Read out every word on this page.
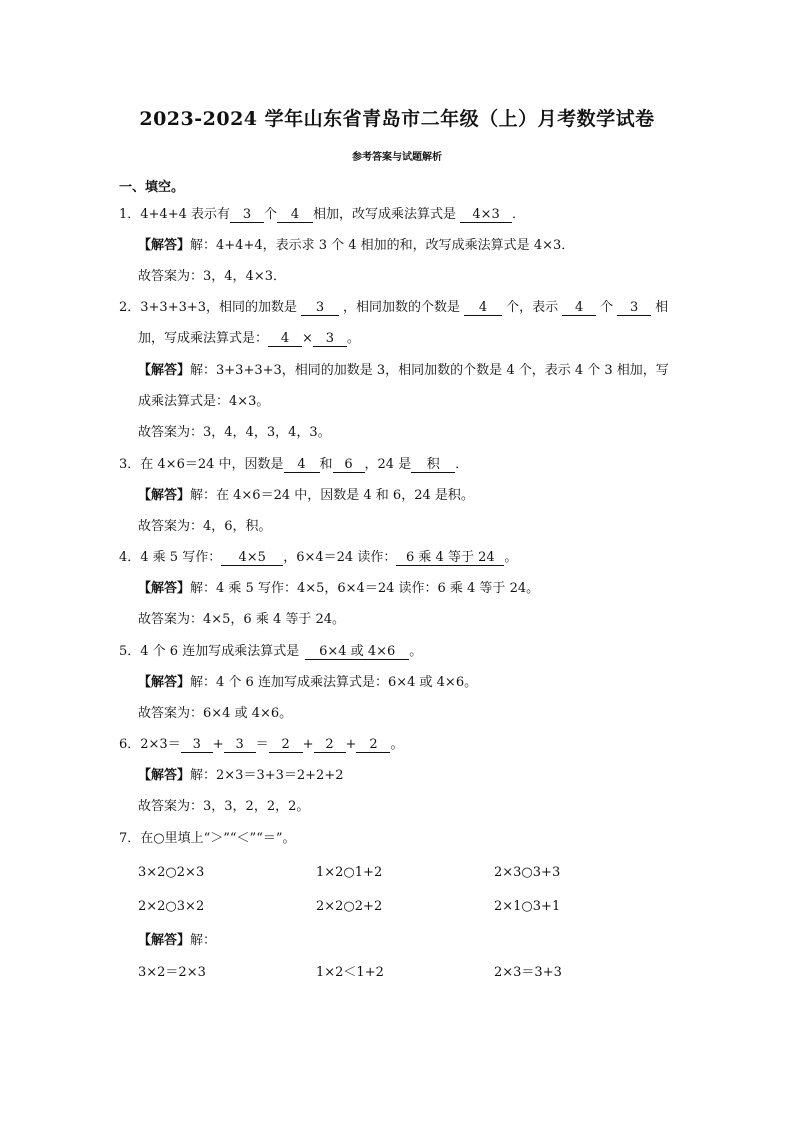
2023-2024 学年山东省青岛市二年级（上）月考数学试卷
参考答案与试题解析
一、填空。
1．4+4+4 表示有 3 个 4 相加，改写成乘法算式是 4×3 ．
【解答】解：4+4+4，表示求 3 个 4 相加的和，改写成乘法算式是 4×3．
故答案为：3，4，4×3．
2．3+3+3+3，相同的加数是 3 ，相同加数的个数是 4 个，表示 4 个 3 相
加，写成乘法算式是： 4 × 3 。
【解答】解：3+3+3+3，相同的加数是 3，相同加数的个数是 4 个，表示 4 个 3 相加，写
成乘法算式是：4×3。
故答案为：3，4，4，3，4，3。
3．在 4×6＝24 中，因数是 4 和 6 ，24 是 积 ．
【解答】解：在 4×6＝24 中，因数是 4 和 6，24 是积。
故答案为：4，6，积。
4．4 乘 5 写作： 4×5 ，6×4＝24 读作： 6 乘 4 等于 24 。
【解答】解：4 乘 5 写作：4×5，6×4＝24 读作：6 乘 4 等于 24。
故答案为：4×5，6 乘 4 等于 24。
5．4 个 6 连加写成乘法算式是 6×4 或 4×6 。
【解答】解：4 个 6 连加写成乘法算式是：6×4 或 4×6。
故答案为：6×4 或 4×6。
6．2×3＝ 3 + 3 ＝ 2 + 2 + 2 。
【解答】解：2×3＝3+3＝2+2+2
故答案为：3，3，2，2，2。
7．在○里填上“＞”“＜”“＝”。
3×2○2×3	1×2○1+2	2×3○3+3
2×2○3×2	2×2○2+2	2×1○3+1
【解答】解：
3×2＝2×3	1×2＜1+2	2×3＝3+3
